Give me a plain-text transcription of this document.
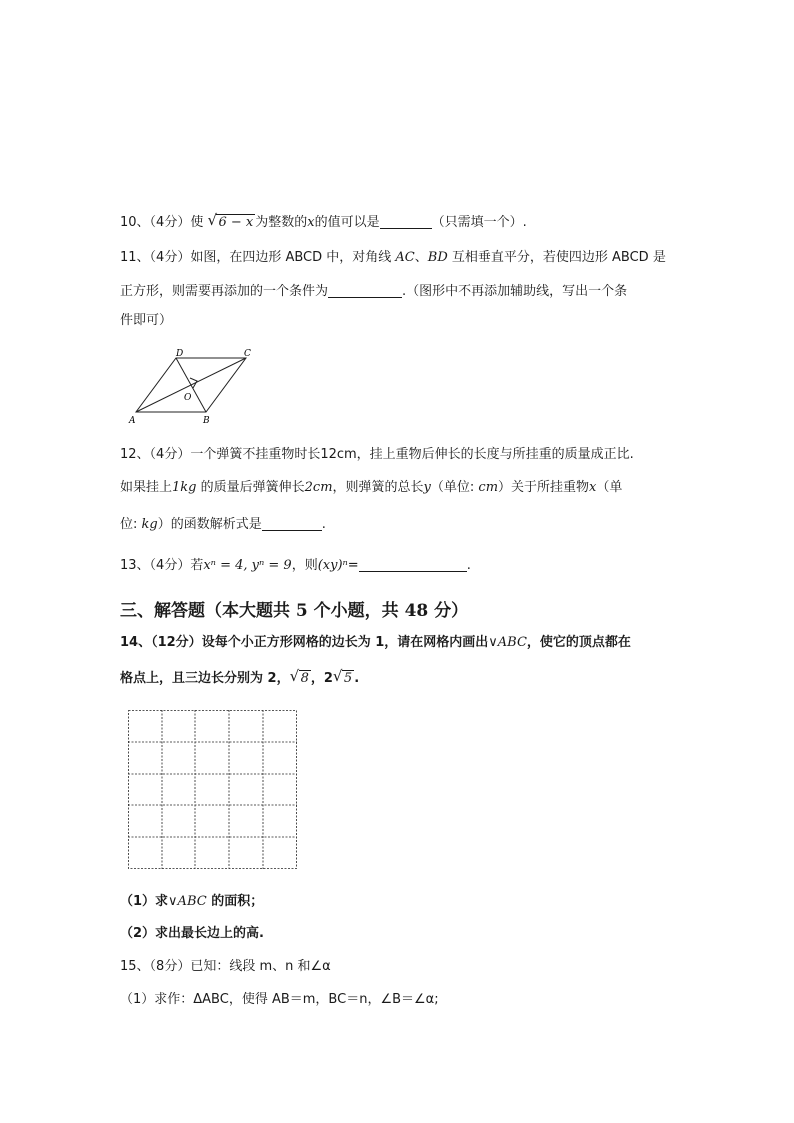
10、（4分）使 √ 6 − x 为整数的x的值可以是	（只需填一个）.
11、（4分）如图，在四边形 ABCD 中，对角线 AC、BD 互相垂直平分，若使四边形 ABCD 是
正方形，则需要再添加的一个条件为	.（图形中不再添加辅助线，写出一个条
件即可）
A	B
C
D
O
12、（4分）一个弹簧不挂重物时长12cm，挂上重物后伸长的长度与所挂重的质量成正比.
如果挂上1kg 的质量后弹簧伸长2cm，则弹簧的总长y（单位: cm）关于所挂重物x（单
位: kg）的函数解析式是	.
13、（4分）若xⁿ = 4, yⁿ = 9，则(xy)ⁿ=	.
三、解答题（本大题共 5 个小题，共 48 分）
14、（12分）设每个小正方形网格的边长为 1，请在网格内画出∨ABC，使它的顶点都在
格点上，且三边长分别为 2， √ 8 ，2 √ 5 .
（1）求∨ABC 的面积；
（2）求出最长边上的高.
15、（8分）已知：线段 m、n 和∠α
（1）求作：ΔABC，使得 AB＝m，BC＝n，∠B＝∠α;
